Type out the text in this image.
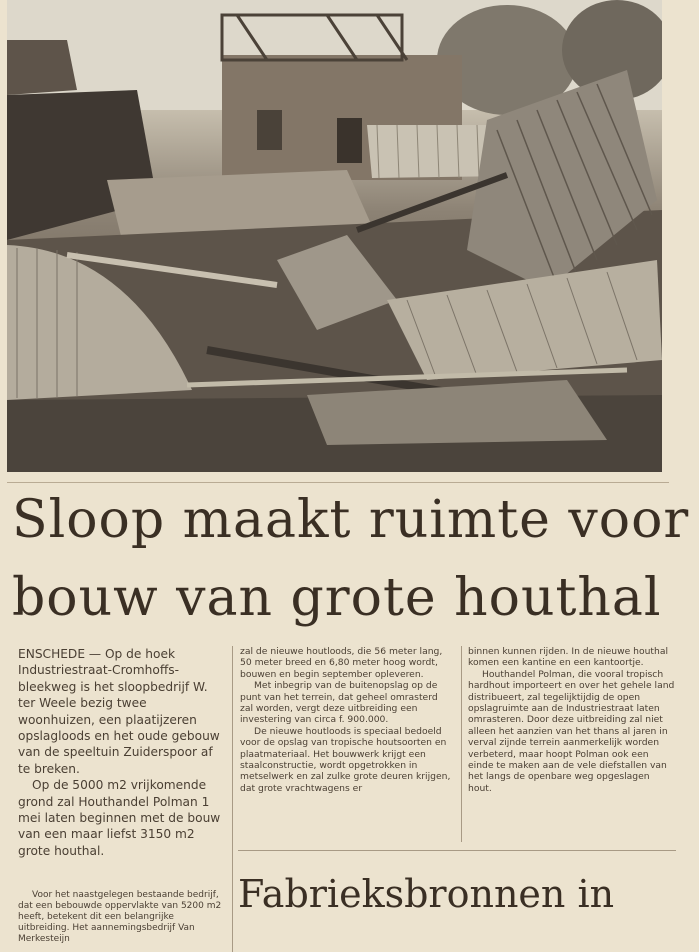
Sloop maakt ruimte voor
bouw van grote houthal

ENSCHEDE — Op de hoek Industriestraat-Cromhoffs-bleekweg is het sloopbedrijf W. ter Weele bezig twee woonhuizen, een plaatijzeren opslagloods en het oude gebouw van de speeltuin Zuiderspoor af te breken.

Op de 5000 m2 vrijkomende grond zal Houthandel Polman 1 mei laten beginnen met de bouw van een maar liefst 3150 m2 grote houthal.

Voor het naastgelegen bestaande bedrijf, dat een bebouwde oppervlakte van 5200 m2 heeft, betekent dit een belangrijke uitbreiding. Het aannemingsbedrijf Van Merkesteijn

zal de nieuwe houtloods, die 56 meter lang, 50 meter breed en 6,80 meter hoog wordt, bouwen en begin september opleveren.

Met inbegrip van de buitenopslag op de punt van het terrein, dat geheel omrasterd zal worden, vergt deze uitbreiding een investering van circa f. 900.000.

De nieuwe houtloods is speciaal bedoeld voor de opslag van tropische houtsoorten en plaatmateriaal. Het bouwwerk krijgt een staalconstructie, wordt opgetrokken in metselwerk en zal zulke grote deuren krijgen, dat grote vrachtwagens er

binnen kunnen rijden. In de nieuwe houthal komen een kantine en een kantoortje.

Houthandel Polman, die vooral tropisch hardhout importeert en over het gehele land distribueert, zal tegelijktijdig de open opslagruimte aan de Industriestraat laten omrasteren. Door deze uitbreiding zal niet alleen het aanzien van het thans al jaren in verval zijnde terrein aanmerkelijk worden verbeterd, maar hoopt Polman ook een einde te maken aan de vele diefstallen van het langs de openbare weg opgeslagen hout.

Fabrieksbronnen in
